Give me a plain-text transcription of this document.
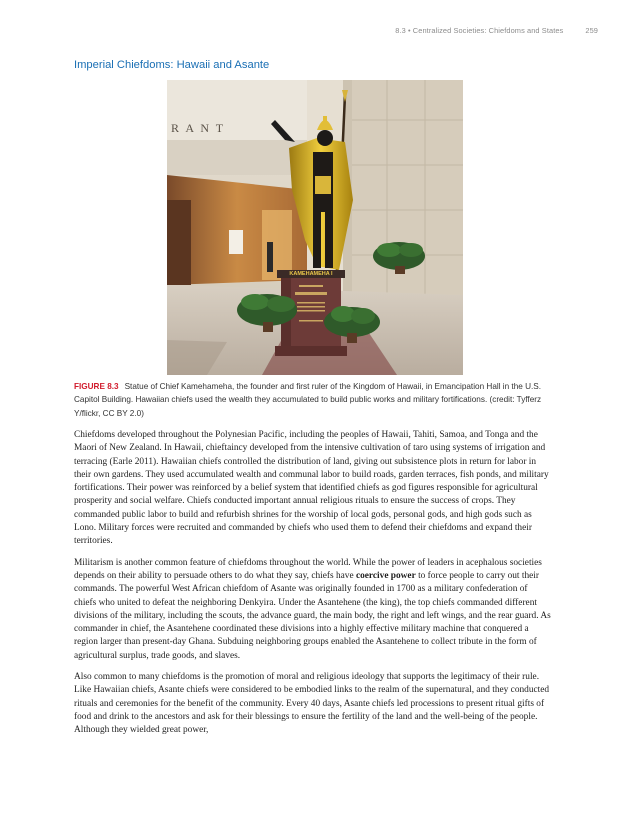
8.3 • Centralized Societies: Chiefdoms and States	259
Imperial Chiefdoms: Hawaii and Asante
R A N T
KAMEHAMEHA I
FIGURE 8.3 Statue of Chief Kamehameha, the founder and first ruler of the Kingdom of Hawaii, in Emancipation Hall in the U.S. Capitol Building. Hawaiian chiefs used the wealth they accumulated to build public works and military fortifications. (credit: Tyfferz Y/flickr, CC BY 2.0)

Chiefdoms developed throughout the Polynesian Pacific, including the peoples of Hawaii, Tahiti, Samoa, and Tonga and the Maori of New Zealand. In Hawaii, chieftaincy developed from the intensive cultivation of taro using systems of irrigation and terracing (Earle 2011). Hawaiian chiefs controlled the distribution of land, giving out subsistence plots in return for labor in their own gardens. They used accumulated wealth and communal labor to build roads, garden terraces, fish ponds, and military fortifications. Their power was reinforced by a belief system that identified chiefs as god figures responsible for agricultural prosperity and social welfare. Chiefs conducted important annual religious rituals to ensure the success of crops. They commanded public labor to build and refurbish shrines for the worship of local gods, personal gods, and high gods such as Lono. Military forces were recruited and commanded by chiefs who used them to defend their chiefdoms and expand their territories.

Militarism is another common feature of chiefdoms throughout the world. While the power of leaders in acephalous societies depends on their ability to persuade others to do what they say, chiefs have coercive power to force people to carry out their commands. The powerful West African chiefdom of Asante was originally founded in 1700 as a military confederation of chiefs who united to defeat the neighboring Denkyira. Under the Asantehene (the king), the top chiefs commanded different divisions of the military, including the scouts, the advance guard, the main body, the right and left wings, and the rear guard. As commander in chief, the Asantehene coordinated these divisions into a highly effective military machine that conquered a region larger than present-day Ghana. Subduing neighboring groups enabled the Asantehene to collect tribute in the form of agricultural surplus, trade goods, and slaves.

Also common to many chiefdoms is the promotion of moral and religious ideology that supports the legitimacy of their rule. Like Hawaiian chiefs, Asante chiefs were considered to be embodied links to the realm of the supernatural, and they conducted rituals and ceremonies for the benefit of the community. Every 40 days, Asante chiefs led processions to present ritual gifts of food and drink to the ancestors and ask for their blessings to ensure the fertility of the land and the well-being of the people. Although they wielded great power,
